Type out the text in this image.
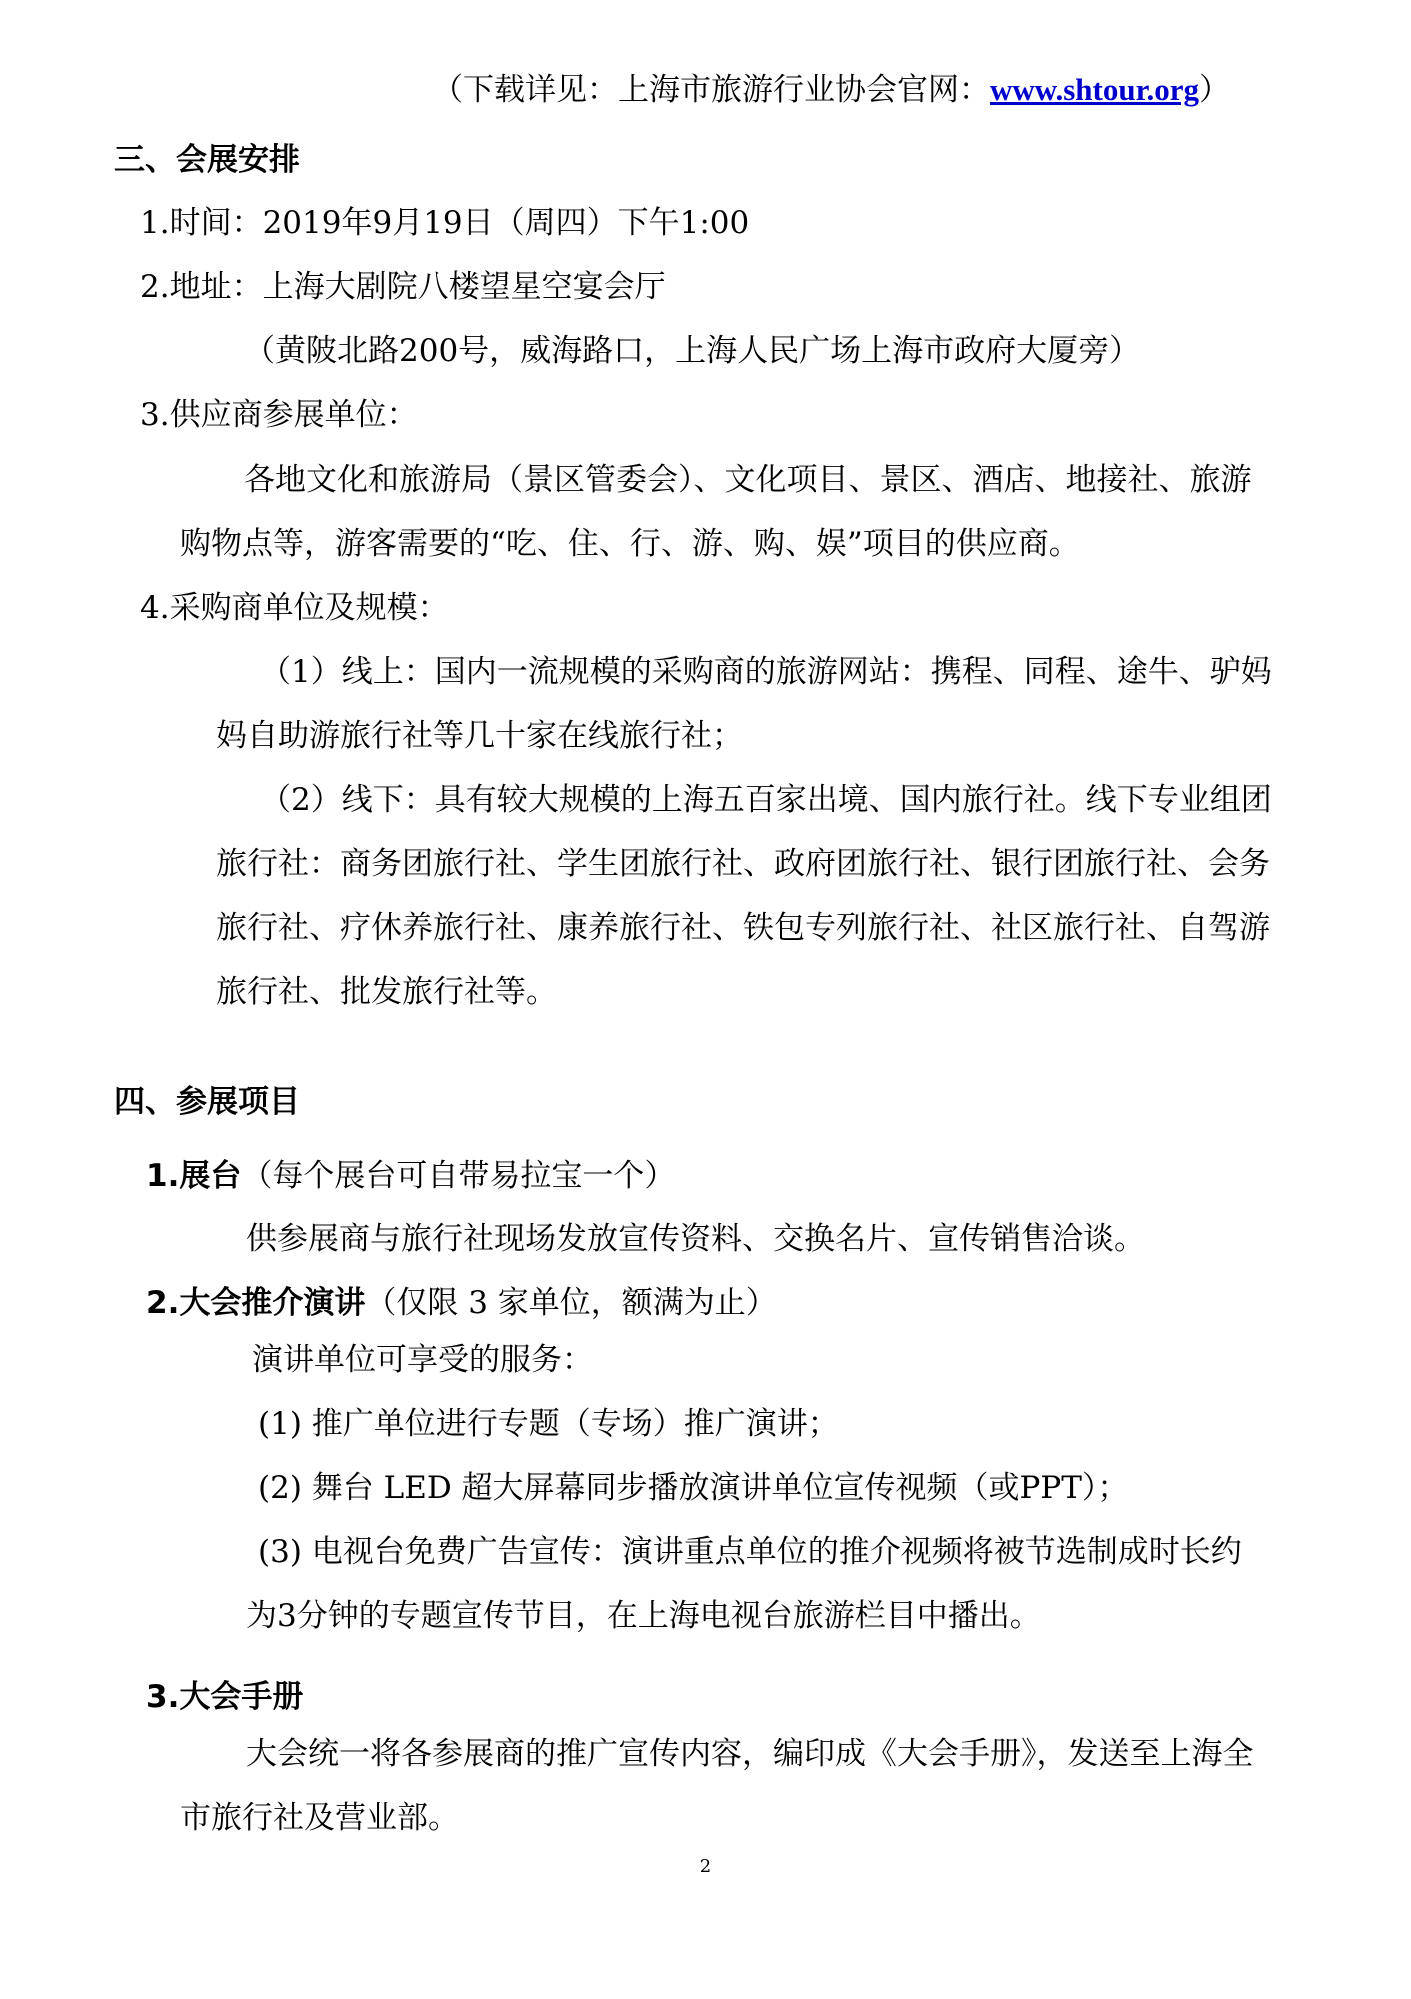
（下载详见：上海市旅游行业协会官网：www.shtour.org）
三、会展安排
1.时间：2019年9月19日（周四）下午1:00
2.地址：上海大剧院八楼望星空宴会厅
（黄陂北路200号，威海路口，上海人民广场上海市政府大厦旁）
3.供应商参展单位：
各地文化和旅游局（景区管委会）、文化项目、景区、酒店、地接社、旅游
购物点等，游客需要的“吃、住、行、游、购、娱”项目的供应商。
4.采购商单位及规模：
（1）线上：国内一流规模的采购商的旅游网站：携程、同程、途牛、驴妈
妈自助游旅行社等几十家在线旅行社；
（2）线下：具有较大规模的上海五百家出境、国内旅行社。线下专业组团
旅行社：商务团旅行社、学生团旅行社、政府团旅行社、银行团旅行社、会务
旅行社、疗休养旅行社、康养旅行社、铁包专列旅行社、社区旅行社、自驾游
旅行社、批发旅行社等。
四、参展项目
1.展台（每个展台可自带易拉宝一个）
供参展商与旅行社现场发放宣传资料、交换名片、宣传销售洽谈。
2.大会推介演讲（仅限 3 家单位，额满为止）
演讲单位可享受的服务：
(1) 推广单位进行专题（专场）推广演讲；
(2) 舞台 LED 超大屏幕同步播放演讲单位宣传视频（或PPT）；
(3) 电视台免费广告宣传：演讲重点单位的推介视频将被节选制成时长约
为3分钟的专题宣传节目，在上海电视台旅游栏目中播出。
3.大会手册
大会统一将各参展商的推广宣传内容，编印成《大会手册》，发送至上海全
市旅行社及营业部。
2
